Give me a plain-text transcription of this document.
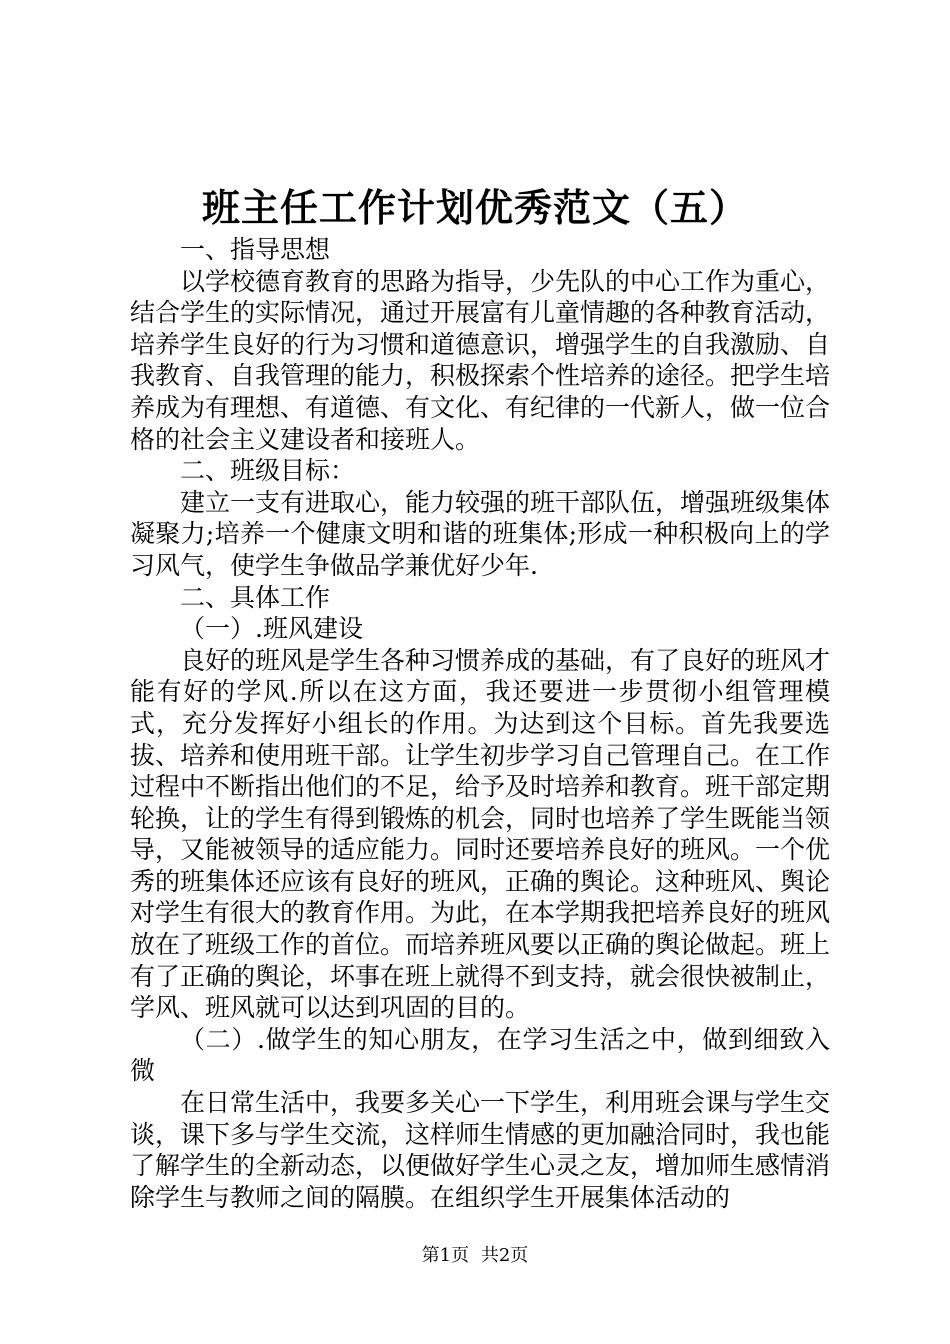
班主任工作计划优秀范文（五）

一、指导思想

以学校德育教育的思路为指导，少先队的中心工作为重心，结合学生的实际情况，通过开展富有儿童情趣的各种教育活动，培养学生良好的行为习惯和道德意识，增强学生的自我激励、自我教育、自我管理的能力，积极探索个性培养的途径。把学生培养成为有理想、有道德、有文化、有纪律的一代新人，做一位合格的社会主义建设者和接班人。

二、班级目标：

建立一支有进取心，能力较强的班干部队伍，增强班级集体凝聚力;培养一个健康文明和谐的班集体;形成一种积极向上的学习风气，使学生争做品学兼优好少年.

二、具体工作

（一）.班风建设

良好的班风是学生各种习惯养成的基础，有了良好的班风才能有好的学风.所以在这方面，我还要进一步贯彻小组管理模式，充分发挥好小组长的作用。为达到这个目标。首先我要选拔、培养和使用班干部。让学生初步学习自己管理自己。在工作过程中不断指出他们的不足，给予及时培养和教育。班干部定期轮换，让的学生有得到锻炼的机会，同时也培养了学生既能当领导，又能被领导的适应能力。同时还要培养良好的班风。一个优秀的班集体还应该有良好的班风，正确的舆论。这种班风、舆论对学生有很大的教育作用。为此，在本学期我把培养良好的班风放在了班级工作的首位。而培养班风要以正确的舆论做起。班上有了正确的舆论，坏事在班上就得不到支持，就会很快被制止，学风、班风就可以达到巩固的目的。

（二）.做学生的知心朋友，在学习生活之中，做到细致入微

在日常生活中，我要多关心一下学生，利用班会课与学生交谈，课下多与学生交流，这样师生情感的更加融洽同时，我也能了解学生的全新动态，以便做好学生心灵之友，增加师生感情消除学生与教师之间的隔膜。在组织学生开展集体活动的

第1页 共2页
